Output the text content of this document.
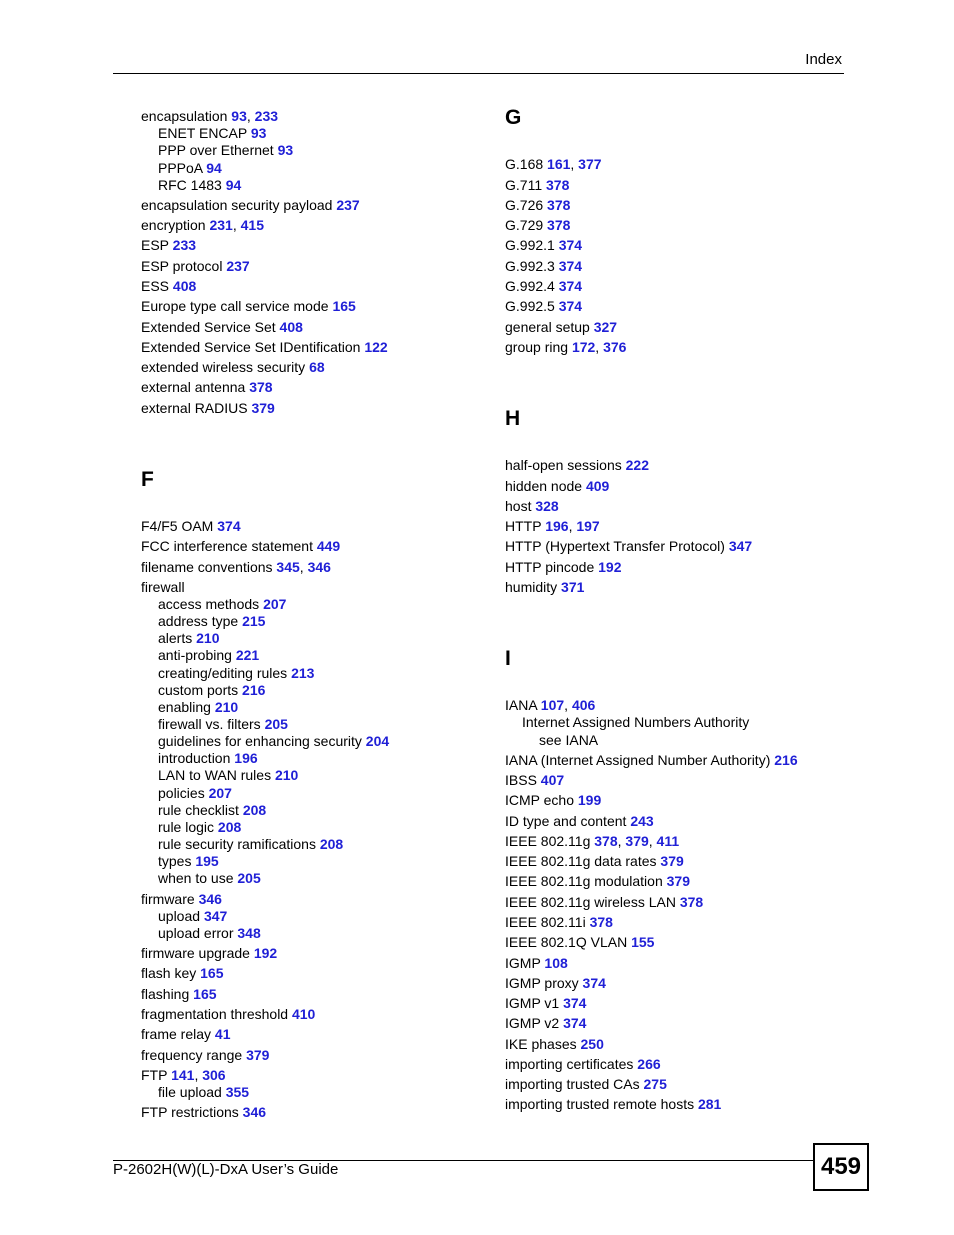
Index
encapsulation 93, 233
ENET ENCAP 93
PPP over Ethernet 93
PPPoA 94
RFC 1483 94
encapsulation security payload 237
encryption 231, 415
ESP 233
ESP protocol 237
ESS 408
Europe type call service mode 165
Extended Service Set 408
Extended Service Set IDentification 122
extended wireless security 68
external antenna 378
external RADIUS 379
F
F4/F5 OAM 374
FCC interference statement 449
filename conventions 345, 346
firewall
access methods 207
address type 215
alerts 210
anti-probing 221
creating/editing rules 213
custom ports 216
enabling 210
firewall vs. filters 205
guidelines for enhancing security 204
introduction 196
LAN to WAN rules 210
policies 207
rule checklist 208
rule logic 208
rule security ramifications 208
types 195
when to use 205
firmware 346
upload 347
upload error 348
firmware upgrade 192
flash key 165
flashing 165
fragmentation threshold 410
frame relay 41
frequency range 379
FTP 141, 306
file upload 355
FTP restrictions 346
G
G.168 161, 377
G.711 378
G.726 378
G.729 378
G.992.1 374
G.992.3 374
G.992.4 374
G.992.5 374
general setup 327
group ring 172, 376
H
half-open sessions 222
hidden node 409
host 328
HTTP 196, 197
HTTP (Hypertext Transfer Protocol) 347
HTTP pincode 192
humidity 371
I
IANA 107, 406
Internet Assigned Numbers Authority
see IANA
IANA (Internet Assigned Number Authority) 216
IBSS 407
ICMP echo 199
ID type and content 243
IEEE 802.11g 378, 379, 411
IEEE 802.11g data rates 379
IEEE 802.11g modulation 379
IEEE 802.11g wireless LAN 378
IEEE 802.11i 378
IEEE 802.1Q VLAN 155
IGMP 108
IGMP proxy 374
IGMP v1 374
IGMP v2 374
IKE phases 250
importing certificates 266
importing trusted CAs 275
importing trusted remote hosts 281
P-2602H(W)(L)-DxA User’s Guide	459
